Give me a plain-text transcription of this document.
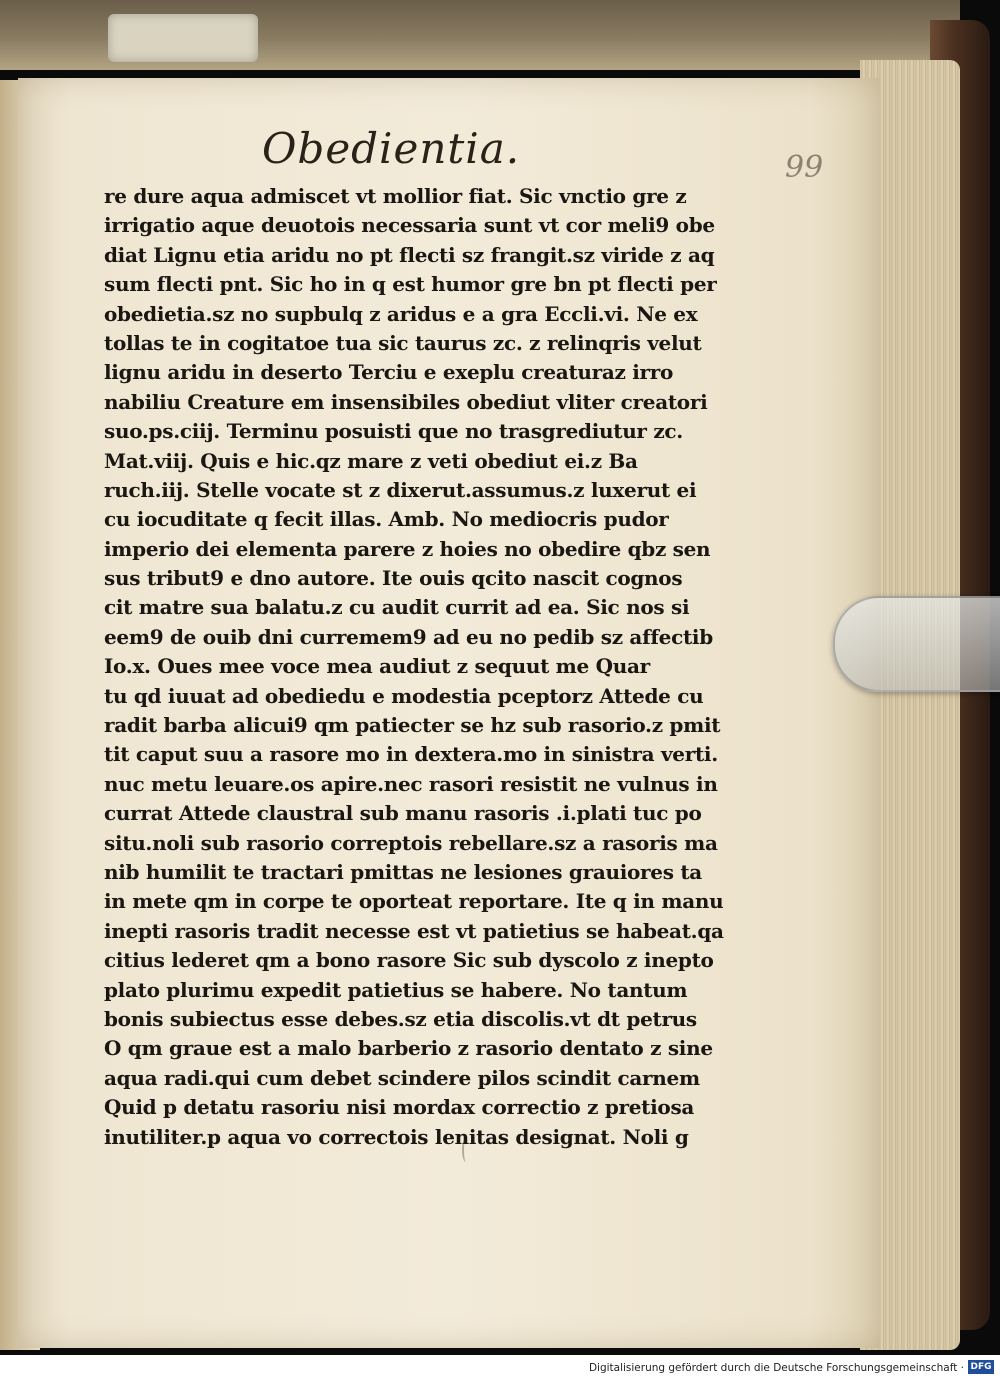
Obedientia.	99
re dure aqua admiscet vt mollior fiat. Sic vnctio gre z
irrigatio aque deuotois necessaria sunt vt cor meli9 obe
diat Lignu etia aridu no pt flecti sz frangit.sz viride z aq
sum flecti pnt. Sic ho in q est humor gre bn pt flecti per
obedietia.sz no supbulq z aridus e a gra Eccli.vi. Ne ex
tollas te in cogitatoe tua sic taurus zc. z relinqris velut
lignu aridu in deserto Terciu e exeplu creaturaz irro
nabiliu Creature em insensibiles obediut vliter creatori
suo.ps.ciij. Terminu posuisti que no trasgrediutur zc.
Mat.viij. Quis e hic.qz mare z veti obediut ei.z Ba
ruch.iij. Stelle vocate st z dixerut.assumus.z luxerut ei
cu iocuditate q fecit illas. Amb. No mediocris pudor
imperio dei elementa parere z hoies no obedire qbz sen
sus tribut9 e dno autore. Ite ouis qcito nascit cognos
cit matre sua balatu.z cu audit currit ad ea. Sic nos si
eem9 de ouib dni curremem9 ad eu no pedib sz affectib
Io.x. Oues mee voce mea audiut z sequut me Quar
tu qd iuuat ad obediedu e modestia pceptorz Attede cu
radit barba alicui9 qm patiecter se hz sub rasorio.z pmit
tit caput suu a rasore mo in dextera.mo in sinistra verti.
nuc metu leuare.os apire.nec rasori resistit ne vulnus in
currat Attede claustral sub manu rasoris .i.plati tuc po
situ.noli sub rasorio correptois rebellare.sz a rasoris ma
nib humilit te tractari pmittas ne lesiones grauiores ta
in mete qm in corpe te oporteat reportare. Ite q in manu
inepti rasoris tradit necesse est vt patietius se habeat.qa
citius lederet qm a bono rasore Sic sub dyscolo z inepto
plato plurimu expedit patietius se habere. No tantum
bonis subiectus esse debes.sz etia discolis.vt dt petrus
O qm graue est a malo barberio z rasorio dentato z sine
aqua radi.qui cum debet scindere pilos scindit carnem
Quid p detatu rasoriu nisi mordax correctio z pretiosa
inutiliter.p aqua vo correctois lenitas designat. Noli g
Digitalisierung gefördert durch die Deutsche Forschungsgemeinschaft · DFG
